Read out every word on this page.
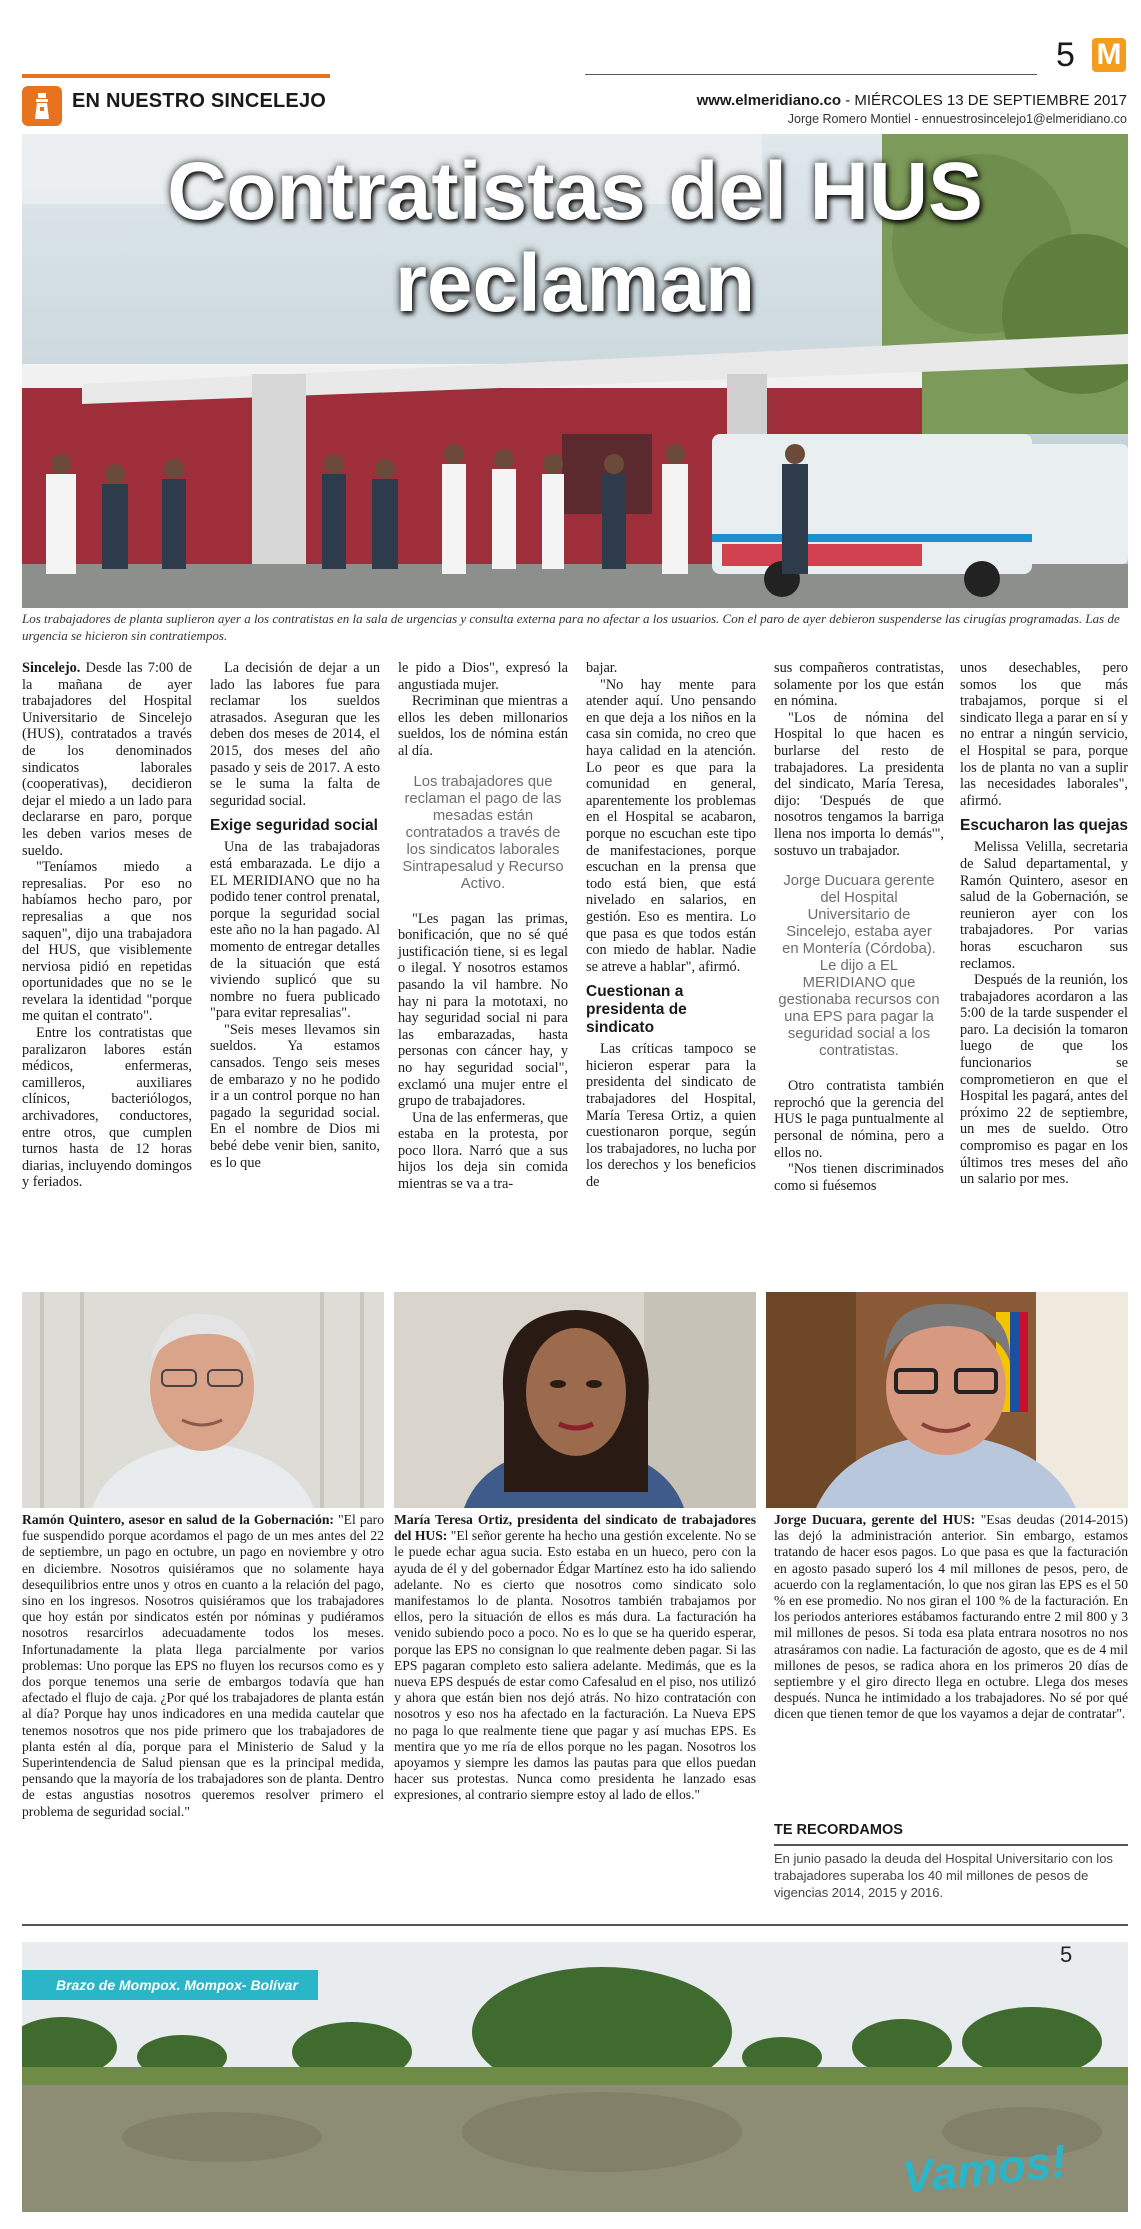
EN NUESTRO SINCELEJO
5 M
www.elmeridiano.co - MIÉRCOLES 13 DE SEPTIEMBRE 2017
Jorge Romero Montiel - ennuestrosincelejo1@elmeridiano.co
Contratistas del HUS
reclaman
Los trabajadores de planta suplieron ayer a los contratistas en la sala de urgencias y consulta externa para no afectar a los usuarios. Con el paro de ayer debieron suspenderse las cirugías programadas. Las de urgencia se hicieron sin contratiempos.

Sincelejo. Desde las 7:00 de la mañana de ayer trabajadores del Hospital Universitario de Sincelejo (HUS), contratados a través de los denominados sindicatos laborales (cooperativas), decidieron dejar el miedo a un lado para declararse en paro, porque les deben varios meses de sueldo.

"Teníamos miedo a represalias. Por eso no habíamos hecho paro, por represalias a que nos saquen", dijo una trabajadora del HUS, que visiblemente nerviosa pidió en repetidas oportunidades que no se le revelara la identidad "porque me quitan el contrato".

Entre los contratistas que paralizaron labores están médicos, enfermeras, camilleros, auxiliares clínicos, bacteriólogos, archivadores, conductores, entre otros, que cumplen turnos hasta de 12 horas diarias, incluyendo domingos y feriados.

La decisión de dejar a un lado las labores fue para reclamar los sueldos atrasados. Aseguran que les deben dos meses de 2014, el 2015, dos meses del año pasado y seis de 2017. A esto se le suma la falta de seguridad social.

Exige seguridad social

Una de las trabajadoras está embarazada. Le dijo a EL MERIDIANO que no ha podido tener control prenatal, porque la seguridad social este año no la han pagado. Al momento de entregar detalles de la situación que está viviendo suplicó que su nombre no fuera publicado "para evitar represalias".

"Seis meses llevamos sin sueldos. Ya estamos cansados. Tengo seis meses de embarazo y no he podido ir a un control porque no han pagado la seguridad social. En el nombre de Dios mi bebé debe venir bien, sanito, es lo que

le pido a Dios", expresó la angustiada mujer.

Recriminan que mientras a ellos les deben millonarios sueldos, los de nómina están al día.

Los trabajadores que reclaman el pago de las mesadas están contratados a través de los sindicatos laborales Sintrapesalud y Recurso Activo.

"Les pagan las primas, bonificación, que no sé qué justificación tiene, si es legal o ilegal. Y nosotros estamos pasando la vil hambre. No hay ni para la mototaxi, no hay seguridad social ni para las embarazadas, hasta personas con cáncer hay, y no hay seguridad social", exclamó una mujer entre el grupo de trabajadores.

Una de las enfermeras, que estaba en la protesta, por poco llora. Narró que a sus hijos los deja sin comida mientras se va a tra-

bajar.

"No hay mente para atender aquí. Uno pensando en que deja a los niños en la casa sin comida, no creo que haya calidad en la atención. Lo peor es que para la comunidad en general, aparentemente los problemas en el Hospital se acabaron, porque no escuchan este tipo de manifestaciones, porque escuchan en la prensa que todo está bien, que está nivelado en salarios, en gestión. Eso es mentira. Lo que pasa es que todos están con miedo de hablar. Nadie se atreve a hablar", afirmó.

Cuestionan a presidenta de sindicato

Las críticas tampoco se hicieron esperar para la presidenta del sindicato de trabajadores del Hospital, María Teresa Ortiz, a quien cuestionaron porque, según los trabajadores, no lucha por los derechos y los beneficios de

sus compañeros contratistas, solamente por los que están en nómina.

"Los de nómina del Hospital lo que hacen es burlarse del resto de trabajadores. La presidenta del sindicato, María Teresa, dijo: 'Después de que nosotros tengamos la barriga llena nos importa lo demás'", sostuvo un trabajador.

Jorge Ducuara gerente del Hospital Universitario de Sincelejo, estaba ayer en Montería (Córdoba). Le dijo a EL MERIDIANO que gestionaba recursos con una EPS para pagar la seguridad social a los contratistas.

Otro contratista también reprochó que la gerencia del HUS le paga puntualmente al personal de nómina, pero a ellos no.

"Nos tienen discriminados como si fuésemos

unos desechables, pero somos los que más trabajamos, porque si el sindicato llega a parar en sí y no entrar a ningún servicio, el Hospital se para, porque los de planta no van a suplir las necesidades laborales", afirmó.

Escucharon las quejas

Melissa Velilla, secretaria de Salud departamental, y Ramón Quintero, asesor en salud de la Gobernación, se reunieron ayer con los trabajadores. Por varias horas escucharon sus reclamos.

Después de la reunión, los trabajadores acordaron a las 5:00 de la tarde suspender el paro. La decisión la tomaron luego de que los funcionarios se comprometieron en que el Hospital les pagará, antes del próximo 22 de septiembre, un mes de sueldo. Otro compromiso es pagar en los últimos tres meses del año un salario por mes.

Ramón Quintero, asesor en salud de la Gobernación: "El paro fue suspendido porque acordamos el pago de un mes antes del 22 de septiembre, un pago en octubre, un pago en noviembre y otro en diciembre. Nosotros quisiéramos que no solamente haya desequilibrios entre unos y otros en cuanto a la relación del pago, sino en los ingresos. Nosotros quisiéramos que los trabajadores que hoy están por sindicatos estén por nóminas y pudiéramos nosotros resarcirlos adecuadamente todos los meses. Infortunadamente la plata llega parcialmente por varios problemas: Uno porque las EPS no fluyen los recursos como es y dos porque tenemos una serie de embargos todavía que han afectado el flujo de caja. ¿Por qué los trabajadores de planta están al día? Porque hay unos indicadores en una medida cautelar que tenemos nosotros que nos pide primero que los trabajadores de planta estén al día, porque para el Ministerio de Salud y la Superintendencia de Salud piensan que es la principal medida, pensando que la mayoría de los trabajadores son de planta. Dentro de estas angustias nosotros queremos resolver primero el problema de seguridad social."
María Teresa Ortiz, presidenta del sindicato de trabajadores del HUS: "El señor gerente ha hecho una gestión excelente. No se le puede echar agua sucia. Esto estaba en un hueco, pero con la ayuda de él y del gobernador Édgar Martínez esto ha ido saliendo adelante. No es cierto que nosotros como sindicato solo manifestamos lo de planta. Nosotros también trabajamos por ellos, pero la situación de ellos es más dura. La facturación ha venido subiendo poco a poco. No es lo que se ha querido esperar, porque las EPS no consignan lo que realmente deben pagar. Si las EPS pagaran completo esto saliera adelante. Medimás, que es la nueva EPS después de estar como Cafesalud en el piso, nos utilizó y ahora que están bien nos dejó atrás. No hizo contratación con nosotros y eso nos ha afectado en la facturación. La Nueva EPS no paga lo que realmente tiene que pagar y así muchas EPS. Es mentira que yo me ría de ellos porque no les pagan. Nosotros los apoyamos y siempre les damos las pautas para que ellos puedan hacer sus protestas. Nunca como presidenta he lanzado esas expresiones, al contrario siempre estoy al lado de ellos."
Jorge Ducuara, gerente del HUS: "Esas deudas (2014-2015) las dejó la administración anterior. Sin embargo, estamos tratando de hacer esos pagos. Lo que pasa es que la facturación en agosto pasado superó los 4 mil millones de pesos, pero, de acuerdo con la reglamentación, lo que nos giran las EPS es el 50 % en ese promedio. No nos giran el 100 % de la facturación. En los periodos anteriores estábamos facturando entre 2 mil 800 y 3 mil millones de pesos. Si toda esa plata entrara nosotros no nos atrasáramos con nadie. La facturación de agosto, que es de 4 mil millones de pesos, se radica ahora en los primeros 20 días de septiembre y el giro directo llega en octubre. Llega dos meses después. Nunca he intimidado a los trabajadores. No sé por qué dicen que tienen temor de que los vayamos a dejar de contratar".
TE RECORDAMOS
En junio pasado la deuda del Hospital Universitario con los trabajadores superaba los 40 mil millones de pesos de vigencias 2014, 2015 y 2016.
Brazo de Mompox. Mompox- Bolívar
Vamos!
5
